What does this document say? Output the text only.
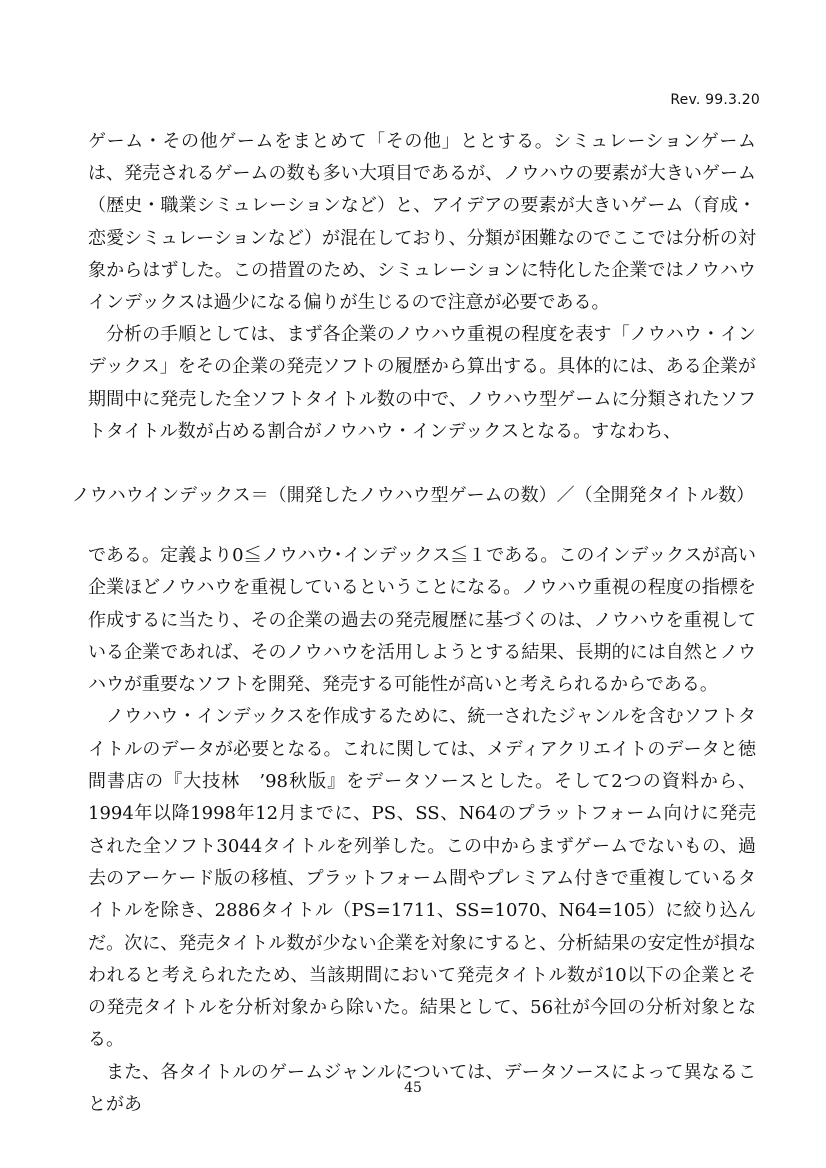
Rev. 99.3.20

ゲーム・その他ゲームをまとめて「その他」ととする。シミュレーションゲームは、発売されるゲームの数も多い大項目であるが、ノウハウの要素が大きいゲーム（歴史・職業シミュレーションなど）と、アイデアの要素が大きいゲーム（育成・恋愛シミュレーションなど）が混在しており、分類が困難なのでここでは分析の対象からはずした。この措置のため、シミュレーションに特化した企業ではノウハウインデックスは過少になる偏りが生じるので注意が必要である。

分析の手順としては、まず各企業のノウハウ重視の程度を表す「ノウハウ・インデックス」をその企業の発売ソフトの履歴から算出する。具体的には、ある企業が期間中に発売した全ソフトタイトル数の中で、ノウハウ型ゲームに分類されたソフトタイトル数が占める割合がノウハウ・インデックスとなる。すなわち、

ノウハウインデックス＝（開発したノウハウ型ゲームの数）／（全開発タイトル数）

である。定義より0≦ノウハウ･インデックス≦１である。このインデックスが高い企業ほどノウハウを重視しているということになる。ノウハウ重視の程度の指標を作成するに当たり、その企業の過去の発売履歴に基づくのは、ノウハウを重視している企業であれば、そのノウハウを活用しようとする結果、長期的には自然とノウハウが重要なソフトを開発、発売する可能性が高いと考えられるからである。

ノウハウ・インデックスを作成するために、統一されたジャンルを含むソフトタイトルのデータが必要となる。これに関しては、メディアクリエイトのデータと徳間書店の『大技林　’98秋版』をデータソースとした。そして2つの資料から、1994年以降1998年12月までに、PS、SS、N64のプラットフォーム向けに発売された全ソフト3044タイトルを列挙した。この中からまずゲームでないもの、過去のアーケード版の移植、プラットフォーム間やプレミアム付きで重複しているタイトルを除き、2886タイトル（PS=1711、SS=1070、N64=105）に絞り込んだ。次に、発売タイトル数が少ない企業を対象にすると、分析結果の安定性が損なわれると考えられたため、当該期間において発売タイトル数が10以下の企業とその発売タイトルを分析対象から除いた。結果として、56社が今回の分析対象となる。

また、各タイトルのゲームジャンルについては、データソースによって異なることがあ

45
